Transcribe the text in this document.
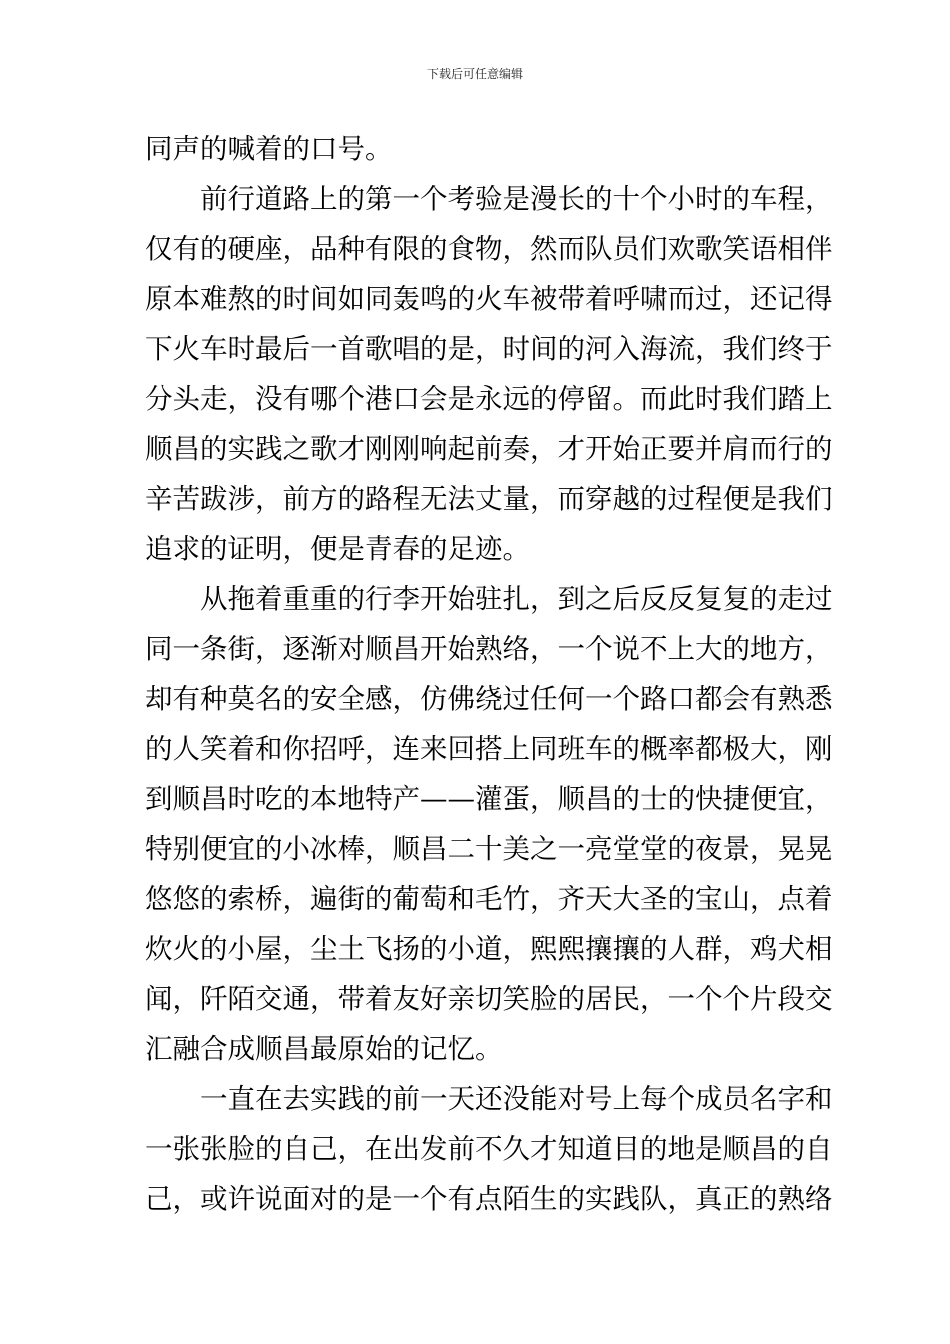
下载后可任意编辑
同声的喊着的口号。
　　前行道路上的第一个考验是漫长的十个小时的车程，
仅有的硬座，品种有限的食物，然而队员们欢歌笑语相伴
原本难熬的时间如同轰鸣的火车被带着呼啸而过，还记得
下火车时最后一首歌唱的是，时间的河入海流，我们终于
分头走，没有哪个港口会是永远的停留。而此时我们踏上
顺昌的实践之歌才刚刚响起前奏，才开始正要并肩而行的
辛苦跋涉，前方的路程无法丈量，而穿越的过程便是我们
追求的证明，便是青春的足迹。
　　从拖着重重的行李开始驻扎，到之后反反复复的走过
同一条街，逐渐对顺昌开始熟络，一个说不上大的地方，
却有种莫名的安全感，仿佛绕过任何一个路口都会有熟悉
的人笑着和你招呼，连来回搭上同班车的概率都极大，刚
到顺昌时吃的本地特产——灌蛋，顺昌的士的快捷便宜，
特别便宜的小冰棒，顺昌二十美之一亮堂堂的夜景，晃晃
悠悠的索桥，遍街的葡萄和毛竹，齐天大圣的宝山，点着
炊火的小屋，尘土飞扬的小道，熙熙攘攘的人群，鸡犬相
闻，阡陌交通，带着友好亲切笑脸的居民，一个个片段交
汇融合成顺昌最原始的记忆。
　　一直在去实践的前一天还没能对号上每个成员名字和
一张张脸的自己，在出发前不久才知道目的地是顺昌的自
己，或许说面对的是一个有点陌生的实践队，真正的熟络
